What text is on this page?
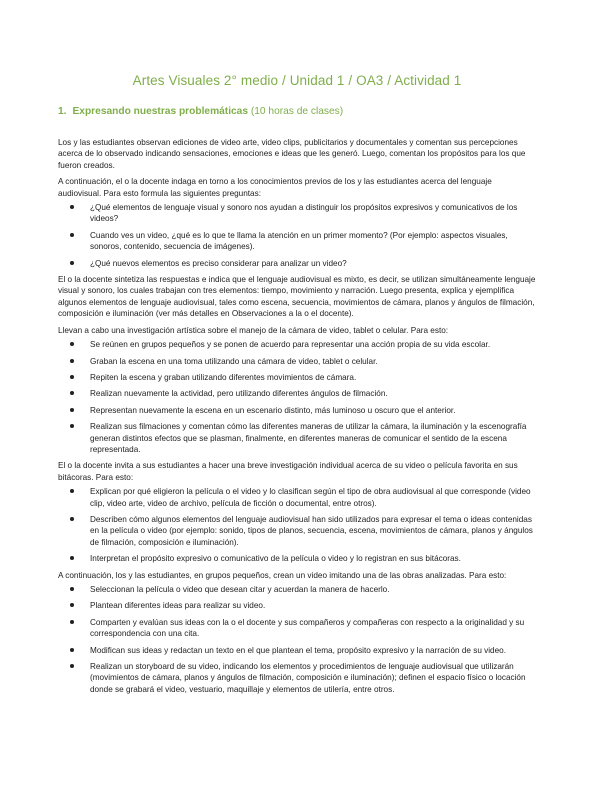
Artes Visuales 2° medio / Unidad 1 / OA3 / Actividad 1
1. Expresando nuestras problemáticas (10 horas de clases)

Los y las estudiantes observan ediciones de video arte, video clips, publicitarios y documentales y comentan sus percepciones acerca de lo observado indicando sensaciones, emociones e ideas que les generó. Luego, comentan los propósitos para los que fueron creados.

A continuación, el o la docente indaga en torno a los conocimientos previos de los y las estudiantes acerca del lenguaje audiovisual. Para esto formula las siguientes preguntas:

¿Qué elementos de lenguaje visual y sonoro nos ayudan a distinguir los propósitos expresivos y comunicativos de los videos?
Cuando ves un video, ¿qué es lo que te llama la atención en un primer momento? (Por ejemplo: aspectos visuales, sonoros, contenido, secuencia de imágenes).
¿Qué nuevos elementos es preciso considerar para analizar un video?

El o la docente sintetiza las respuestas e indica que el lenguaje audiovisual es mixto, es decir, se utilizan simultáneamente lenguaje visual y sonoro, los cuales trabajan con tres elementos: tiempo, movimiento y narración. Luego presenta, explica y ejemplifica algunos elementos de lenguaje audiovisual, tales como escena, secuencia, movimientos de cámara, planos y ángulos de filmación, composición e iluminación (ver más detalles en Observaciones a la o el docente).

Llevan a cabo una investigación artística sobre el manejo de la cámara de video, tablet o celular. Para esto:

Se reúnen en grupos pequeños y se ponen de acuerdo para representar una acción propia de su vida escolar.
Graban la escena en una toma utilizando una cámara de video, tablet o celular.
Repiten la escena y graban utilizando diferentes movimientos de cámara.
Realizan nuevamente la actividad, pero utilizando diferentes ángulos de filmación.
Representan nuevamente la escena en un escenario distinto, más luminoso u oscuro que el anterior.
Realizan sus filmaciones y comentan cómo las diferentes maneras de utilizar la cámara, la iluminación y la escenografía generan distintos efectos que se plasman, finalmente, en diferentes maneras de comunicar el sentido de la escena representada.

El o la docente invita a sus estudiantes a hacer una breve investigación individual acerca de su video o película favorita en sus bitácoras. Para esto:

Explican por qué eligieron la película o el video y lo clasifican según el tipo de obra audiovisual al que corresponde (video clip, video arte, video de archivo, película de ficción o documental, entre otros).
Describen cómo algunos elementos del lenguaje audiovisual han sido utilizados para expresar el tema o ideas contenidas en la película o video (por ejemplo: sonido, tipos de planos, secuencia, escena, movimientos de cámara, planos y ángulos de filmación, composición e iluminación).
Interpretan el propósito expresivo o comunicativo de la película o video y lo registran en sus bitácoras.

A continuación, los y las estudiantes, en grupos pequeños, crean un video imitando una de las obras analizadas. Para esto:

Seleccionan la película o video que desean citar y acuerdan la manera de hacerlo.
Plantean diferentes ideas para realizar su video.
Comparten y evalúan sus ideas con la o el docente y sus compañeros y compañeras con respecto a la originalidad y su correspondencia con una cita.
Modifican sus ideas y redactan un texto en el que plantean el tema, propósito expresivo y la narración de su video.
Realizan un storyboard de su video, indicando los elementos y procedimientos de lenguaje audiovisual que utilizarán (movimientos de cámara, planos y ángulos de filmación, composición e iluminación); definen el espacio físico o locación donde se grabará el video, vestuario, maquillaje y elementos de utilería, entre otros.
